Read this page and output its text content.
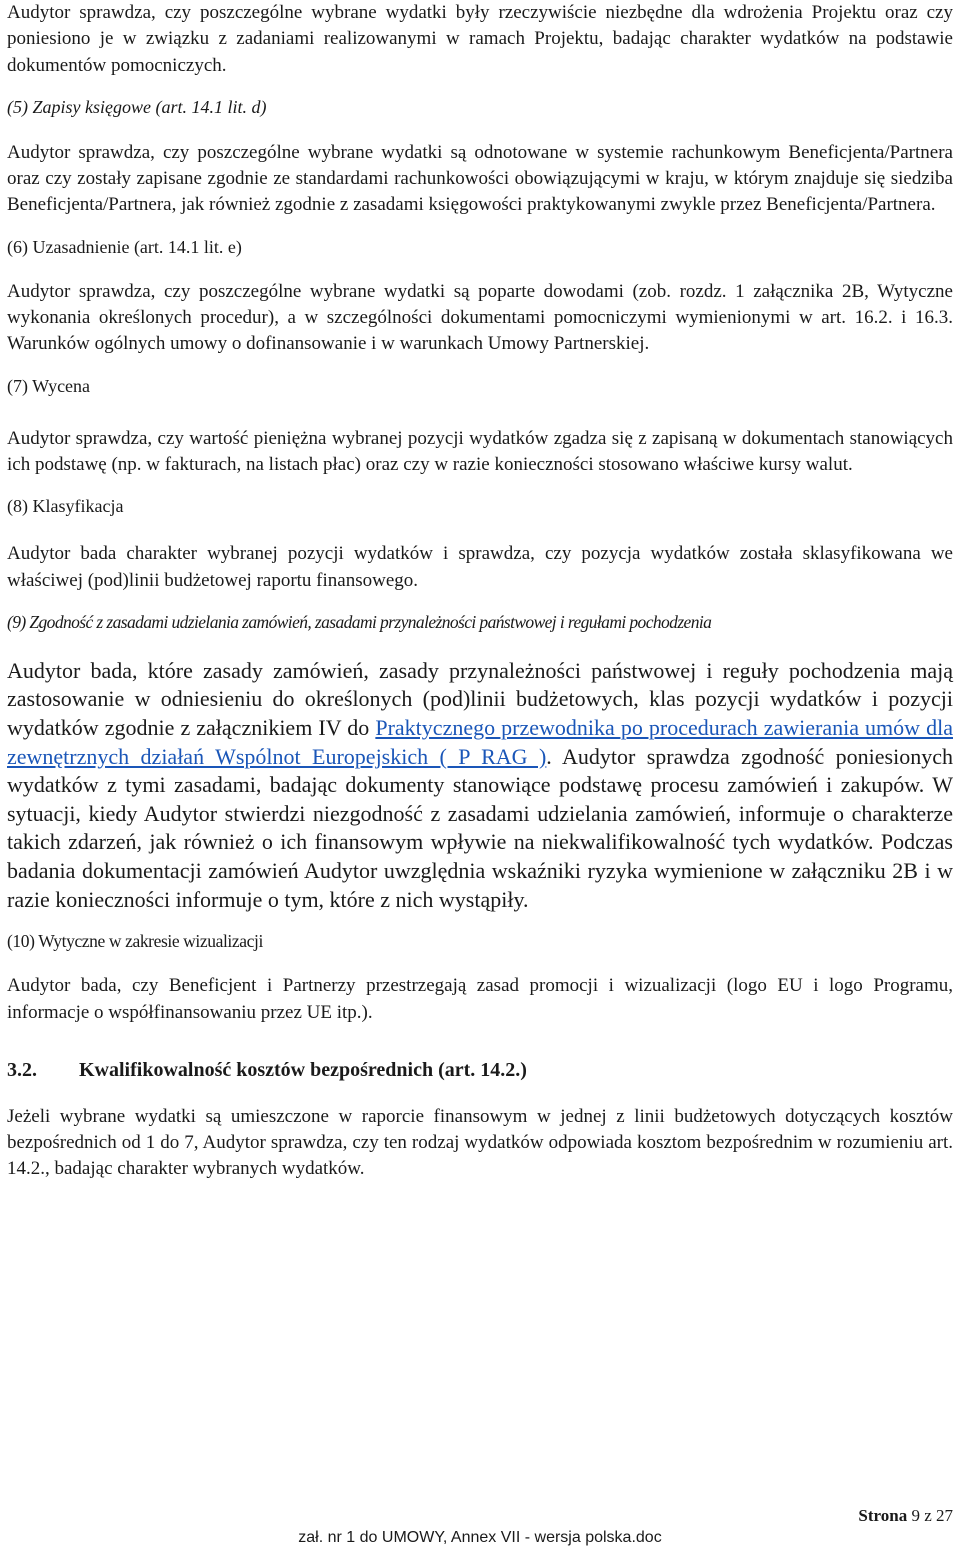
Audytor sprawdza, czy poszczególne wybrane wydatki były rzeczywiście niezbędne dla wdrożenia Projektu oraz czy poniesiono je w związku z zadaniami realizowanymi w ramach Projektu, badając charakter wydatków na podstawie dokumentów pomocniczych.

(5) Zapisy księgowe (art. 14.1 lit. d)

Audytor sprawdza, czy poszczególne wybrane wydatki są odnotowane w systemie rachunkowym Beneficjenta/Partnera oraz czy zostały zapisane zgodnie ze standardami rachunkowości obowiązującymi w kraju, w którym znajduje się siedziba Beneficjenta/Partnera, jak również zgodnie z zasadami księgowości praktykowanymi zwykle przez Beneficjenta/Partnera.

(6) Uzasadnienie (art. 14.1 lit. e)

Audytor sprawdza, czy poszczególne wybrane wydatki są poparte dowodami (zob. rozdz. 1 załącznika 2B, Wytyczne wykonania określonych procedur), a w szczególności dokumentami pomocniczymi wymienionymi w art. 16.2. i 16.3. Warunków ogólnych umowy o dofinansowanie i w warunkach Umowy Partnerskiej.

(7) Wycena

Audytor sprawdza, czy wartość pieniężna wybranej pozycji wydatków zgadza się z zapisaną w dokumentach stanowiących ich podstawę (np. w fakturach, na listach płac) oraz czy w razie konieczności stosowano właściwe kursy walut.

(8) Klasyfikacja

Audytor bada charakter wybranej pozycji wydatków i sprawdza, czy pozycja wydatków została sklasyfikowana we właściwej (pod)linii budżetowej raportu finansowego.

(9) Zgodność z zasadami udzielania zamówień, zasadami przynależności państwowej i regułami pochodzenia

Audytor bada, które zasady zamówień, zasady przynależności państwowej i reguły pochodzenia mają zastosowanie w odniesieniu do określonych (pod)linii budżetowych, klas pozycji wydatków i pozycji wydatków zgodnie z załącznikiem IV do Praktycznego przewodnika po procedurach zawierania umów dla zewnętrznych działań Wspólnot Europejskich ( P RAG ). Audytor sprawdza zgodność poniesionych wydatków z tymi zasadami, badając dokumenty stanowiące podstawę procesu zamówień i zakupów. W sytuacji, kiedy Audytor stwierdzi niezgodność z zasadami udzielania zamówień, informuje o charakterze takich zdarzeń, jak również o ich finansowym wpływie na niekwalifikowalność tych wydatków. Podczas badania dokumentacji zamówień Audytor uwzględnia wskaźniki ryzyka wymienione w załączniku 2B i w razie konieczności informuje o tym, które z nich wystąpiły.

(10) Wytyczne w zakresie wizualizacji

Audytor bada, czy Beneficjent i Partnerzy przestrzegają zasad promocji i wizualizacji (logo EU i logo Programu, informacje o współfinansowaniu przez UE itp.).

3.2. Kwalifikowalność kosztów bezpośrednich (art. 14.2.)

Jeżeli wybrane wydatki są umieszczone w raporcie finansowym w jednej z linii budżetowych dotyczących kosztów bezpośrednich od 1 do 7, Audytor sprawdza, czy ten rodzaj wydatków odpowiada kosztom bezpośrednim w rozumieniu art. 14.2., badając charakter wybranych wydatków.

Strona 9 z 27
zał. nr 1 do UMOWY, Annex VII - wersja polska.doc
